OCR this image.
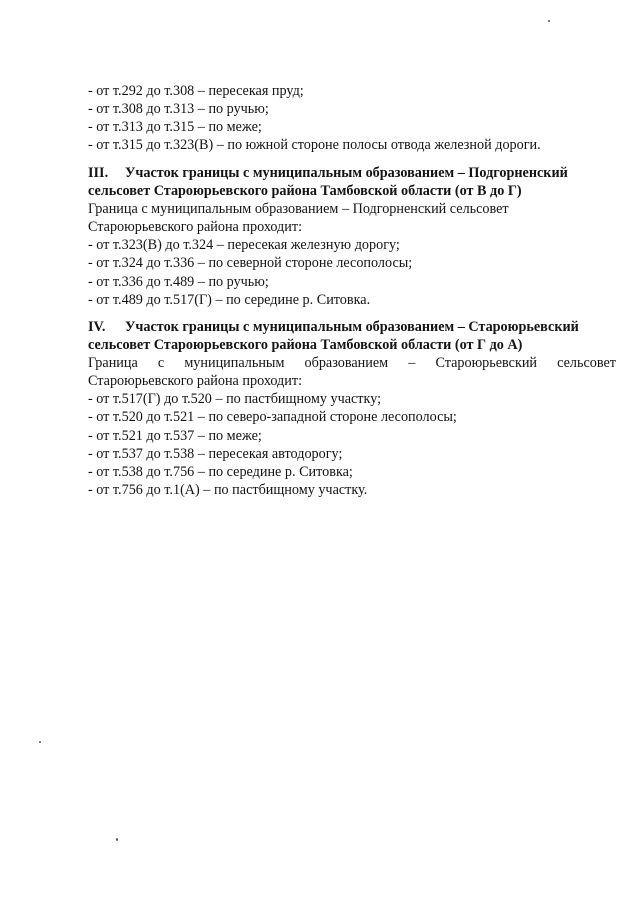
- от т.292 до т.308 – пересекая пруд;
- от т.308 до т.313 – по ручью;
- от т.313 до т.315 – по меже;
- от т.315 до т.323(В) – по южной стороне полосы отвода железной дороги.
III. Участок границы с муниципальным образованием – Подгорненский
сельсовет Староюрьевского района Тамбовской области (от В до Г)
Граница с муниципальным образованием – Подгорненский сельсовет
Староюрьевского района проходит:
- от т.323(В) до т.324 – пересекая железную дорогу;
- от т.324 до т.336 – по северной стороне лесополосы;
- от т.336 до т.489 – по ручью;
- от т.489 до т.517(Г) – по середине р. Ситовка.
IV. Участок границы с муниципальным образованием – Староюрьевский
сельсовет Староюрьевского района Тамбовской области (от Г до А)
Граница с муниципальным образованием – Староюрьевский сельсовет
Староюрьевского района проходит:
- от т.517(Г) до т.520 – по пастбищному участку;
- от т.520 до т.521 – по северо-западной стороне лесополосы;
- от т.521 до т.537 – по меже;
- от т.537 до т.538 – пересекая автодорогу;
- от т.538 до т.756 – по середине р. Ситовка;
- от т.756 до т.1(А) – по пастбищному участку.
